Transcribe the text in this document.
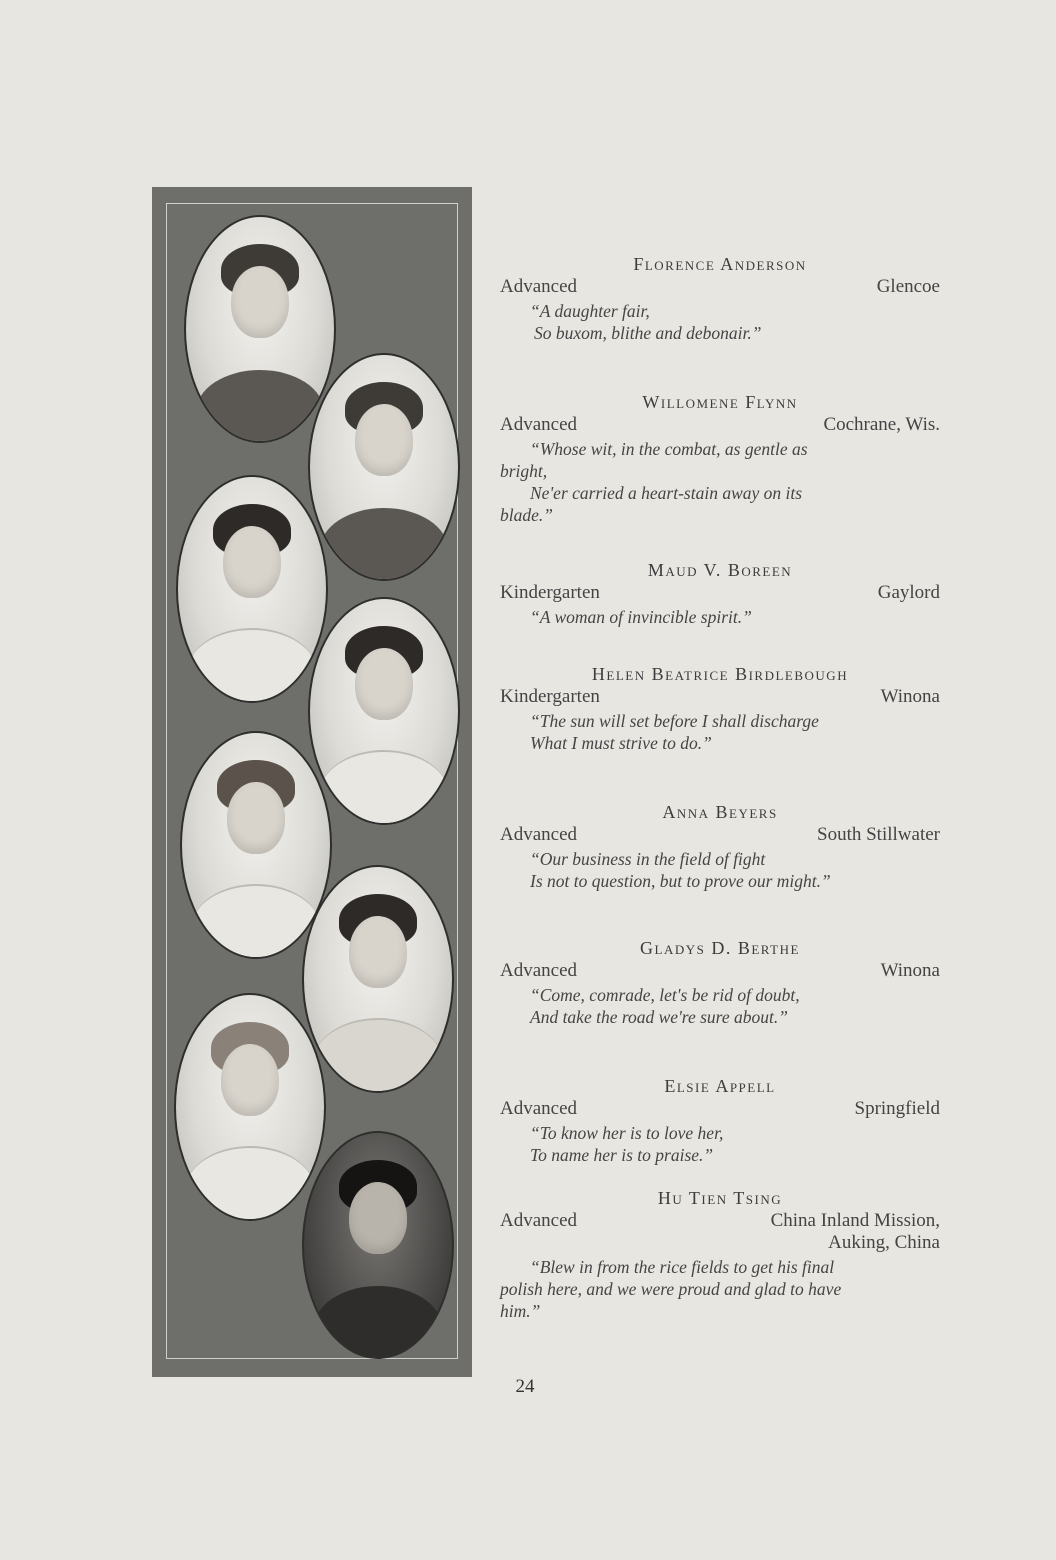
Florence Anderson

Advanced	Glencoe

“A daughter fair,
So buxom, blithe and debonair.”

Willomene Flynn

Advanced	Cochrane, Wis.

“Whose wit, in the combat, as gentle as
bright,
Ne'er carried a heart-stain away on its
blade.”

Maud V. Boreen

Kindergarten	Gaylord

“A woman of invincible spirit.”

Helen Beatrice Birdlebough

Kindergarten	Winona

“The sun will set before I shall discharge
What I must strive to do.”

Anna Beyers

Advanced	South Stillwater

“Our business in the field of fight
Is not to question, but to prove our might.”

Gladys D. Berthe

Advanced	Winona

“Come, comrade, let's be rid of doubt,
And take the road we're sure about.”

Elsie Appell

Advanced	Springfield

“To know her is to love her,
To name her is to praise.”

Hu Tien Tsing

Advanced	China Inland Mission,
Auking, China

“Blew in from the rice fields to get his final
polish here, and we were proud and glad to have
him.”

24
